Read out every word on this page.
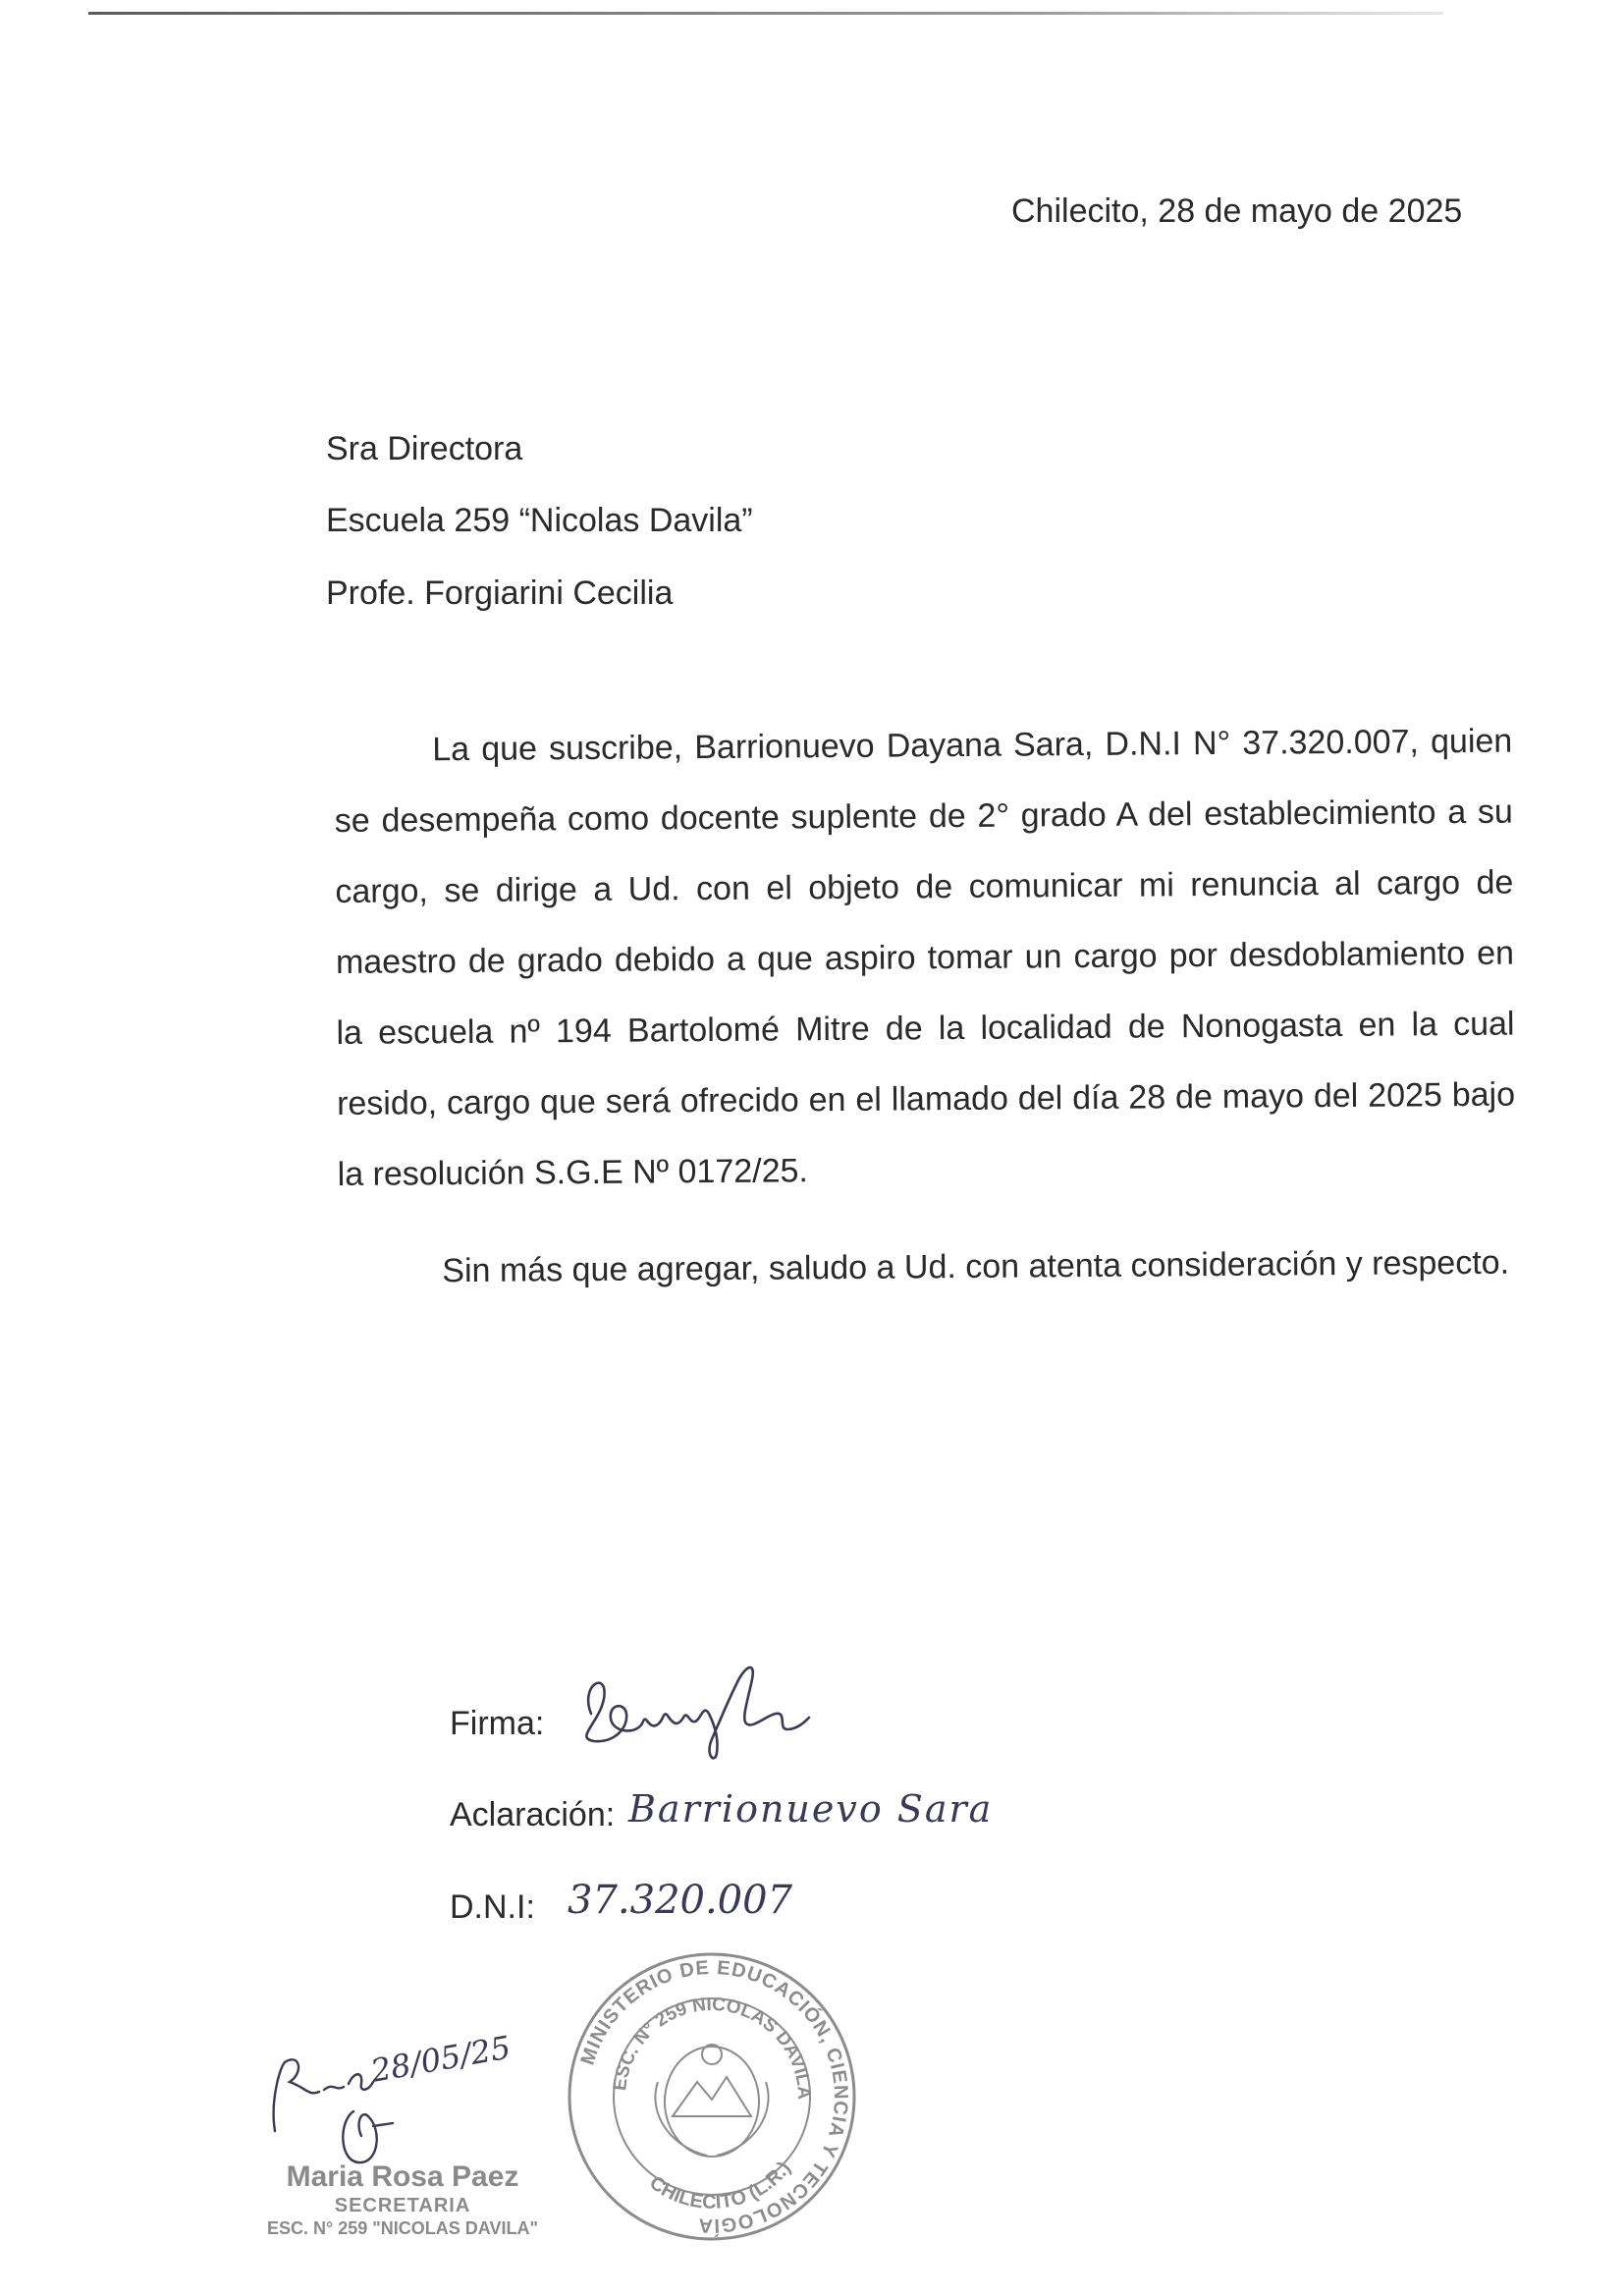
Chilecito, 28 de mayo de 2025
Sra Directora
Escuela 259 “Nicolas Davila”
Profe. Forgiarini Cecilia
La que suscribe, Barrionuevo Dayana Sara, D.N.I N° 37.320.007, quien se desempeña como docente suplente de 2° grado A del establecimiento a su cargo, se dirige a Ud. con el objeto de comunicar mi renuncia al cargo de maestro de grado debido a que aspiro tomar un cargo por desdoblamiento en la escuela nº 194 Bartolomé Mitre de la localidad de Nonogasta en la cual resido, cargo que será ofrecido en el llamado del día 28 de mayo del 2025 bajo la resolución S.G.E Nº 0172/25.
Sin más que agregar, saludo a Ud. con atenta consideración y respecto.
Firma:
Aclaración: Barrionuevo Sara
D.N.I: 37.320.007
28/05/25
Maria Rosa Paez
SECRETARIA
ESC. N° 259 "NICOLAS DAVILA"
MINISTERIO DE EDUCACIÓN, CIENCIA Y TECNOLOGÍA
ESC. N° 259 NICOLAS DAVILA
CHILECITO (L.R.)
